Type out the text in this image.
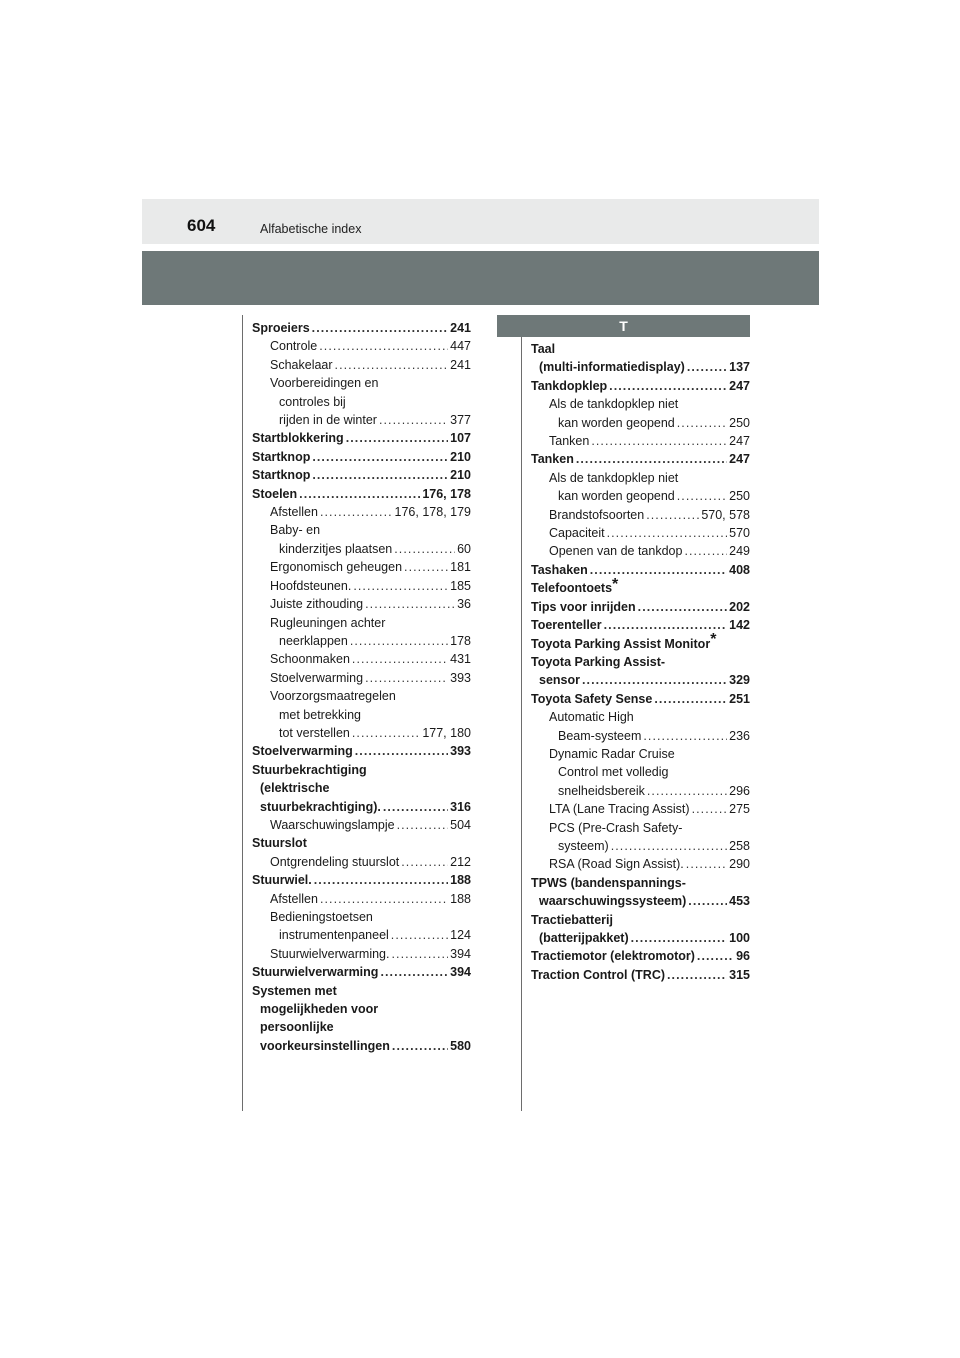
604	Alfabetische index
T
Sproeiers . . .	241
Controle . . .	447
Schakelaar . . .	241
Voorbereidingen en
controles bij
rijden in de winter . . .	377
Startblokkering . . .	107
Startknop . . .	210
Startknop . . .	210
Stoelen . . .	176, 178
Afstellen . . .	176, 178, 179
Baby- en
kinderzitjes plaatsen . . .	60
Ergonomisch geheugen . . .	181
Hoofdsteunen. . . .	185
Juiste zithouding . . .	36
Rugleuningen achter
neerklappen . . .	178
Schoonmaken . . .	431
Stoelverwarming . . .	393
Voorzorgsmaatregelen
met betrekking
tot verstellen . . .	177, 180
Stoelverwarming . . .	393
Stuurbekrachtiging
(elektrische
stuurbekrachtiging). . . .	316
Waarschuwingslampje . . .	504
Stuurslot
Ontgrendeling stuurslot . . .	212
Stuurwiel. . . .	188
Afstellen . . .	188
Bedieningstoetsen
instrumentenpaneel . . .	124
Stuurwielverwarming. . . .	394
Stuurwielverwarming . . .	394
Systemen met
mogelijkheden voor
persoonlijke
voorkeursinstellingen . . .	580
Taal
(multi-informatiedisplay) . . .	137
Tankdopklep . . .	247
Als de tankdopklep niet
kan worden geopend . . .	250
Tanken . . .	247
Tanken . . .	247
Als de tankdopklep niet
kan worden geopend . . .	250
Brandstofsoorten . . .	570, 578
Capaciteit . . .	570
Openen van de tankdop . . .	249
Tashaken . . .	408
Telefoontoets*
Tips voor inrijden . . .	202
Toerenteller . . .	142
Toyota Parking Assist Monitor*
Toyota Parking Assist-
sensor . . .	329
Toyota Safety Sense . . .	251
Automatic High
Beam-systeem . . .	236
Dynamic Radar Cruise
Control met volledig
snelheidsbereik . . .	296
LTA (Lane Tracing Assist) . . .	275
PCS (Pre-Crash Safety-
systeem) . . .	258
RSA (Road Sign Assist). . . .	290
TPWS (bandenspannings-
waarschuwingssysteem) . . .	453
Tractiebatterij
(batterijpakket) . . .	100
Tractiemotor (elektromotor) . . .	96
Traction Control (TRC) . . .	315
